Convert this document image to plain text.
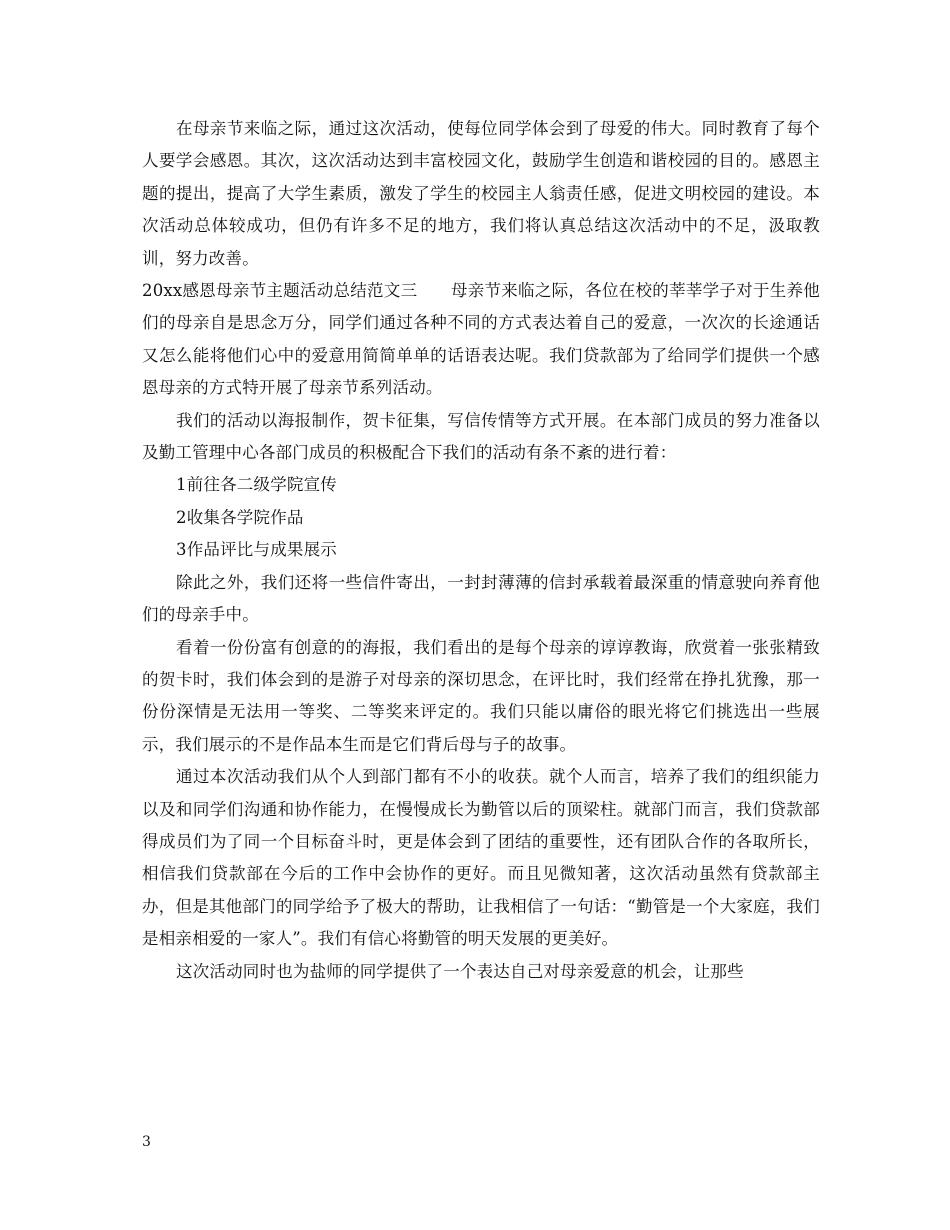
在母亲节来临之际，通过这次活动，使每位同学体会到了母爱的伟大。同时教育了每个人要学会感恩。其次，这次活动达到丰富校园文化，鼓励学生创造和谐校园的目的。感恩主题的提出，提高了大学生素质，激发了学生的校园主人翁责任感，促进文明校园的建设。本次活动总体较成功，但仍有许多不足的地方，我们将认真总结这次活动中的不足，汲取教训，努力改善。

20xx感恩母亲节主题活动总结范文三　　母亲节来临之际，各位在校的莘莘学子对于生养他们的母亲自是思念万分，同学们通过各种不同的方式表达着自己的爱意，一次次的长途通话又怎么能将他们心中的爱意用简简单单的话语表达呢。我们贷款部为了给同学们提供一个感恩母亲的方式特开展了母亲节系列活动。

我们的活动以海报制作，贺卡征集，写信传情等方式开展。在本部门成员的努力准备以及勤工管理中心各部门成员的积极配合下我们的活动有条不紊的进行着：

1前往各二级学院宣传

2收集各学院作品

3作品评比与成果展示

除此之外，我们还将一些信件寄出，一封封薄薄的信封承载着最深重的情意驶向养育他们的母亲手中。

看着一份份富有创意的的海报，我们看出的是每个母亲的谆谆教诲，欣赏着一张张精致的贺卡时，我们体会到的是游子对母亲的深切思念，在评比时，我们经常在挣扎犹豫，那一份份深情是无法用一等奖、二等奖来评定的。我们只能以庸俗的眼光将它们挑选出一些展示，我们展示的不是作品本生而是它们背后母与子的故事。

通过本次活动我们从个人到部门都有不小的收获。就个人而言，培养了我们的组织能力以及和同学们沟通和协作能力，在慢慢成长为勤管以后的顶梁柱。就部门而言，我们贷款部得成员们为了同一个目标奋斗时，更是体会到了团结的重要性，还有团队合作的各取所长，相信我们贷款部在今后的工作中会协作的更好。而且见微知著，这次活动虽然有贷款部主办，但是其他部门的同学给予了极大的帮助，让我相信了一句话：“勤管是一个大家庭，我们是相亲相爱的一家人”。我们有信心将勤管的明天发展的更美好。

这次活动同时也为盐师的同学提供了一个表达自己对母亲爱意的机会，让那些

3
